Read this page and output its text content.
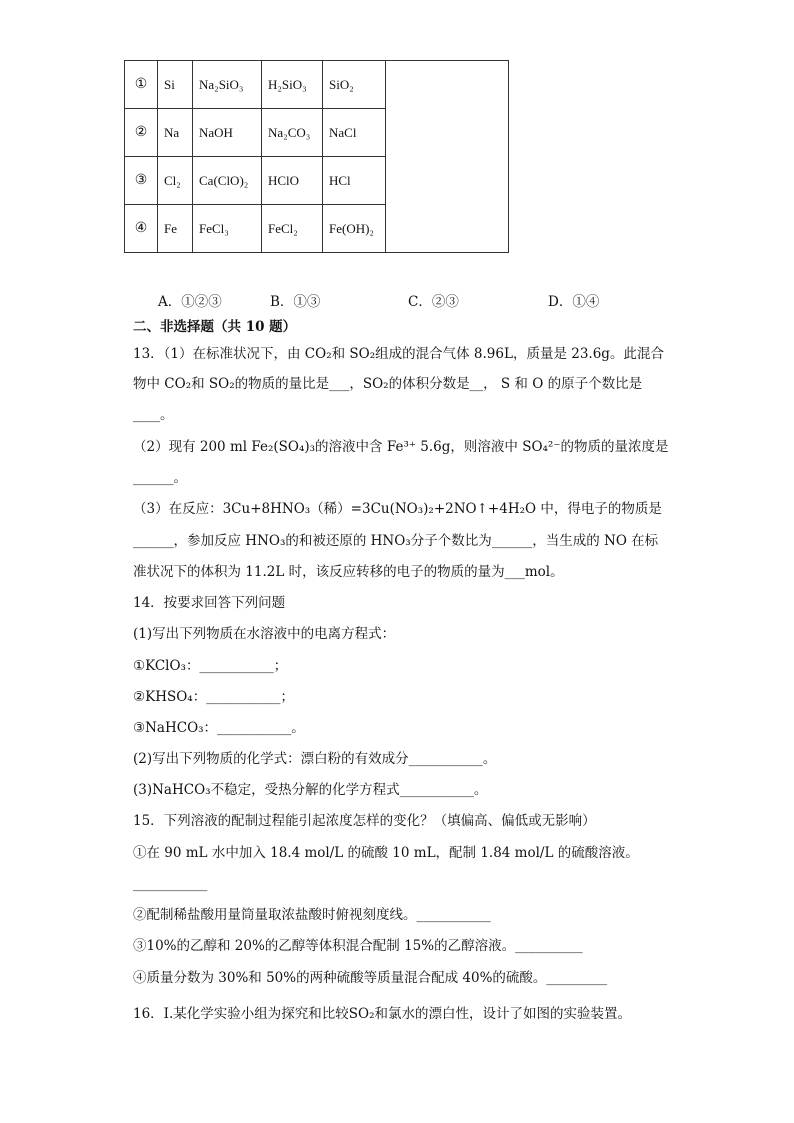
①	Si	Na₂SiO₃	H₂SiO₃	SiO₂	
②	Na	NaOH	Na₂CO₃	NaCl	
③	Cl₂	Ca(ClO)₂	HClO	HCl	
④	Fe	FeCl₃	FeCl₂	Fe(OH)₂	
A．①②③	B．①③	C．②③	D．①④
二、非选择题（共 10 题）
13．（1）在标准状况下，由 CO₂和 SO₂组成的混合气体 8.96L，质量是 23.6g。此混合
物中 CO₂和 SO₂的物质的量比是___，SO₂的体积分数是__， S 和 O 的原子个数比是
____。
（2）现有 200 ml Fe₂(SO₄)₃的溶液中含 Fe³⁺ 5.6g，则溶液中 SO₄²⁻的物质的量浓度是
______。
（3）在反应：3Cu+8HNO₃（稀）=3Cu(NO₃)₂+2NO↑+4H₂O 中，得电子的物质是
______，参加反应 HNO₃的和被还原的 HNO₃分子个数比为______，当生成的 NO 在标
准状况下的体积为 11.2L 时，该反应转移的电子的物质的量为___mol。
14．按要求回答下列问题
(1)写出下列物质在水溶液中的电离方程式：
①KClO₃：___________；
②KHSO₄：___________；
③NaHCO₃：___________。
(2)写出下列物质的化学式：漂白粉的有效成分___________。
(3)NaHCO₃不稳定，受热分解的化学方程式___________。
15．下列溶液的配制过程能引起浓度怎样的变化？（填偏高、偏低或无影响）
①在 90 mL 水中加入 18.4 mol/L 的硫酸 10 mL，配制 1.84 mol/L 的硫酸溶液。
___________
②配制稀盐酸用量筒量取浓盐酸时俯视刻度线。___________
③10%的乙醇和 20%的乙醇等体积混合配制 15%的乙醇溶液。__________
④质量分数为 30%和 50%的两种硫酸等质量混合配成 40%的硫酸。_________
16．I.某化学实验小组为探究和比较SO₂和氯水的漂白性，设计了如图的实验装置。
